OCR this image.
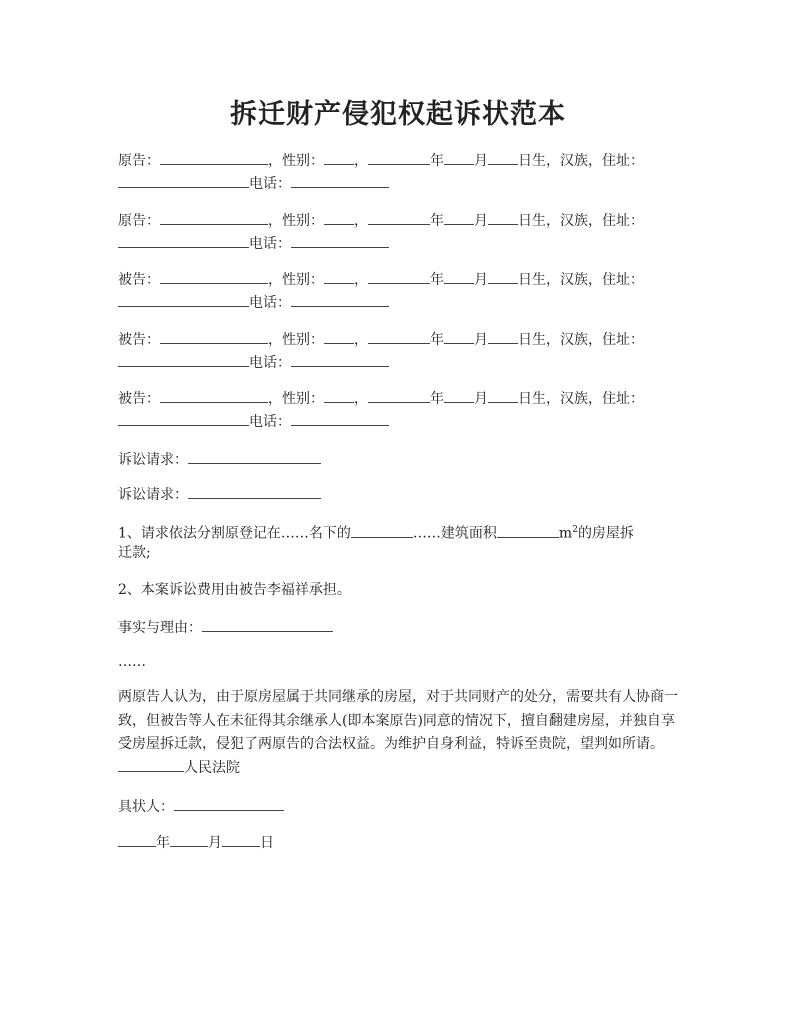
拆迁财产侵犯权起诉状范本
原告：	，性别： ，	年 月 日生，汉族，住址：
电话：
原告：	，性别： ，	年 月 日生，汉族，住址：
电话：
被告：	，性别： ，	年 月 日生，汉族，住址：
电话：
被告：	，性别： ，	年 月 日生，汉族，住址：
电话：
被告：	，性别： ，	年 月 日生，汉族，住址：
电话：
诉讼请求：
诉讼请求：
1、请求依法分割原登记在……名下的	……建筑面积	$m^2$的房屋拆
迁款;
2、本案诉讼费用由被告李福祥承担。
事实与理由：
……
两原告人认为，由于原房屋属于共同继承的房屋，对于共同财产的处分，需要共有人协商一致，但被告等人在未征得其余继承人(即本案原告)同意的情况下，擅自翻建房屋，并独自享受房屋拆迁款，侵犯了两原告的合法权益。为维护自身利益，特诉至贵院，望判如所请。人民法院
具状人：
年	月	日
